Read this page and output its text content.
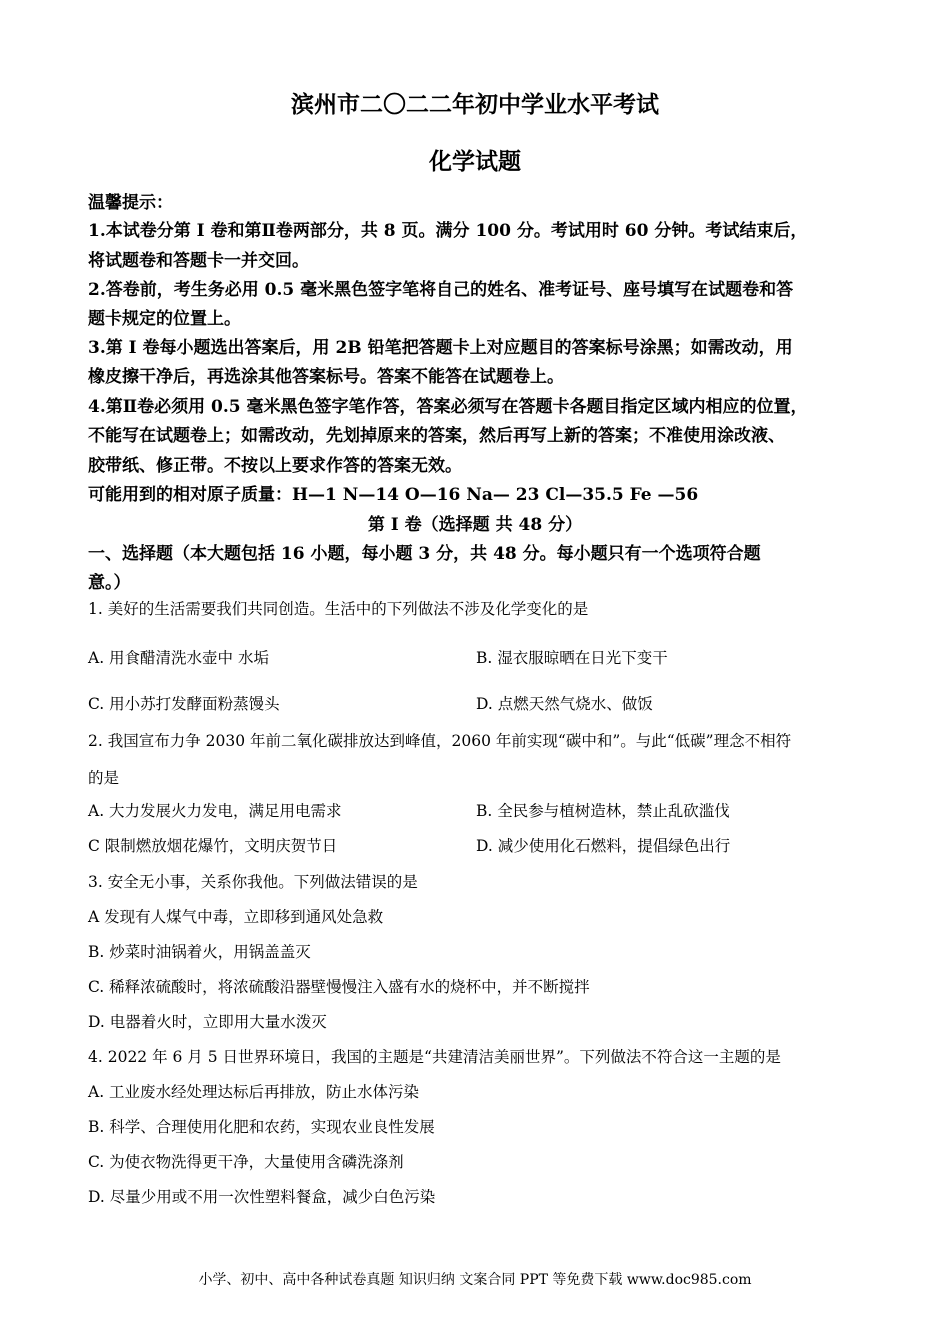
滨州市二〇二二年初中学业水平考试
化学试题
温馨提示：
1.本试卷分第 I 卷和第Ⅱ卷两部分，共 8 页。满分 100 分。考试用时 60 分钟。考试结束后，
将试题卷和答题卡一并交回。
2.答卷前，考生务必用 0.5 毫米黑色签字笔将自己的姓名、准考证号、座号填写在试题卷和答
题卡规定的位置上。
3.第 I 卷每小题选出答案后，用 2B 铅笔把答题卡上对应题目的答案标号涂黑；如需改动，用
橡皮擦干净后，再选涂其他答案标号。答案不能答在试题卷上。
4.第Ⅱ卷必须用 0.5 毫米黑色签字笔作答，答案必须写在答题卡各题目指定区域内相应的位置，
不能写在试题卷上；如需改动，先划掉原来的答案，然后再写上新的答案；不准使用涂改液、
胶带纸、修正带。不按以上要求作答的答案无效。
可能用到的相对原子质量：H—1 N—14 O—16 Na— 23 Cl—35.5 Fe —56
第 I 卷（选择题 共 48 分）
一、选择题（本大题包括 16 小题，每小题 3 分，共 48 分。每小题只有一个选项符合题
意。）
1. 美好的生活需要我们共同创造。生活中的下列做法不涉及化学变化的是
A. 用食醋清洗水壶中 水垢	B. 湿衣服晾晒在日光下变干
C. 用小苏打发酵面粉蒸馒头	D. 点燃天然气烧水、做饭
2. 我国宣布力争 2030 年前二氧化碳排放达到峰值，2060 年前实现“碳中和”。与此“低碳”理念不相符
的是
A. 大力发展火力发电，满足用电需求	B. 全民参与植树造林，禁止乱砍滥伐
C 限制燃放烟花爆竹，文明庆贺节日	D. 减少使用化石燃料，提倡绿色出行
3. 安全无小事，关系你我他。下列做法错误的是
A 发现有人煤气中毒，立即移到通风处急救
B. 炒菜时油锅着火，用锅盖盖灭
C. 稀释浓硫酸时，将浓硫酸沿器壁慢慢注入盛有水的烧杯中，并不断搅拌
D. 电器着火时，立即用大量水泼灭
4. 2022 年 6 月 5 日世界环境日，我国的主题是“共建清洁美丽世界”。下列做法不符合这一主题的是
A. 工业废水经处理达标后再排放，防止水体污染
B. 科学、合理使用化肥和农药，实现农业良性发展
C. 为使衣物洗得更干净，大量使用含磷洗涤剂
D. 尽量少用或不用一次性塑料餐盒，减少白色污染
小学、初中、高中各种试卷真题 知识归纳 文案合同 PPT 等免费下载 www.doc985.com
